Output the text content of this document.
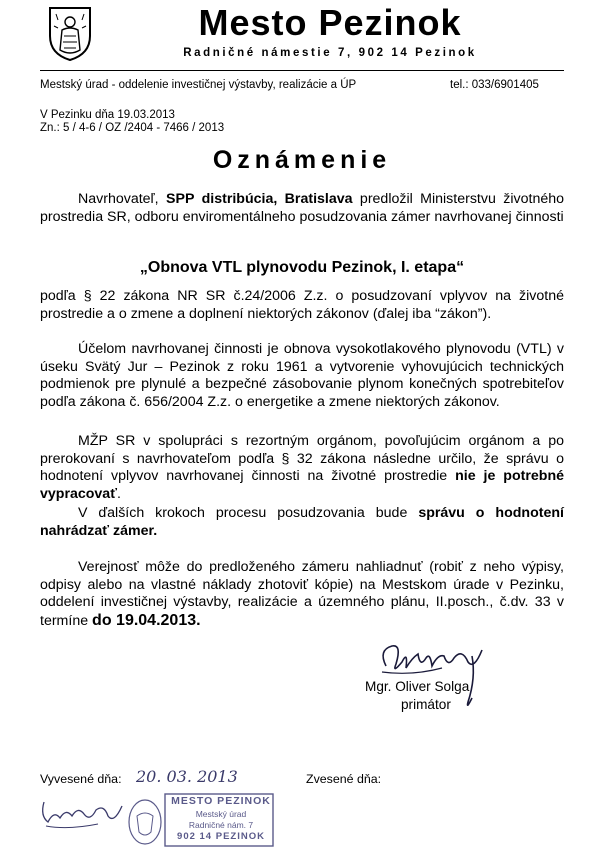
Mesto Pezinok
Radničné námestie 7, 902 14 Pezinok
Mestský úrad - oddelenie investičnej výstavby, realizácie a ÚP	tel.: 033/6901405
V Pezinku dňa 19.03.2013
Zn.: 5 / 4-6 / OZ /2404 - 7466 / 2013
Oznámenie
Navrhovateľ, SPP distribúcia, Bratislava predložil Ministerstvu životného prostredia SR, odboru enviromentálneho posudzovania zámer navrhovanej činnosti
„Obnova VTL plynovodu Pezinok, I. etapa“
podľa § 22 zákona NR SR č.24/2006 Z.z. o posudzovaní vplyvov na životné prostredie a o zmene a doplnení niektorých zákonov (ďalej iba “zákon”).
Účelom navrhovanej činnosti je obnova vysokotlakového plynovodu (VTL) v úseku Svätý Jur – Pezinok z roku 1961 a vytvorenie vyhovujúcich technických podmienok pre plynulé a bezpečné zásobovanie plynom konečných spotrebiteľov podľa zákona č. 656/2004 Z.z. o energetike a zmene niektorých zákonov.
MŽP SR v spolupráci s rezortným orgánom, povoľujúcim orgánom a po prerokovaní s navrhovateľom podľa § 32 zákona následne určilo, že správu o hodnotení vplyvov navrhovanej činnosti na životné prostredie nie je potrebné vypracovať.
V ďalších krokoch procesu posudzovania bude správu o hodnotení nahrádzať zámer.
Verejnosť môže do predloženého zámeru nahliadnuť (robiť z neho výpisy, odpisy alebo na vlastné náklady zhotoviť kópie) na Mestskom úrade v Pezinku, oddelení investičnej výstavby, realizácie a územného plánu, II.posch., č.dv. 33 v termíne do 19.04.2013.
Mgr. Oliver Solga
primátor
Vyvesené dňa: 20. 03. 2013	Zvesené dňa:
MESTO PEZINOK
Mestský úrad
Radničné nám. 7
902 14 PEZINOK
